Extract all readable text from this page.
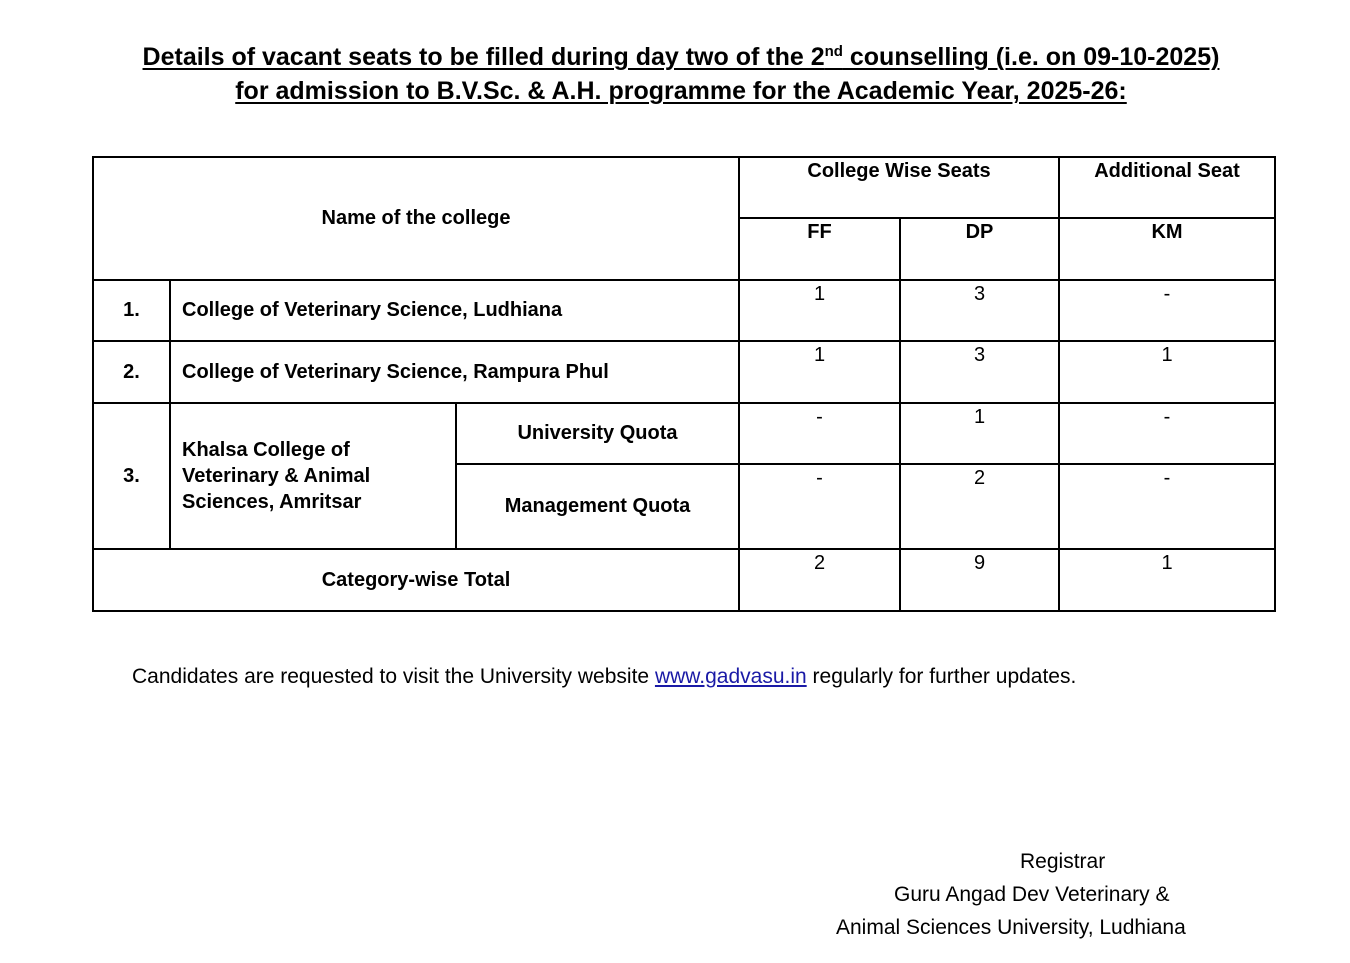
Details of vacant seats to be filled during day two of the 2nd counselling (i.e. on 09-10-2025)
for admission to B.V.Sc. & A.H. programme for the Academic Year, 2025-26:
Name of the college			College Wise Seats		Additional Seat
			FF	DP	KM
1.	College of Veterinary Science, Ludhiana		1	3	-
2.	College of Veterinary Science, Rampura Phul		1	3	1
3.	Khalsa College of Veterinary & Animal Sciences, Amritsar	University Quota	-	1	-
		Management Quota	-	2	-
Category-wise Total			2	9	1
Candidates are requested to visit the University website www.gadvasu.in regularly for further updates.
Registrar
Guru Angad Dev Veterinary &
Animal Sciences University, Ludhiana
